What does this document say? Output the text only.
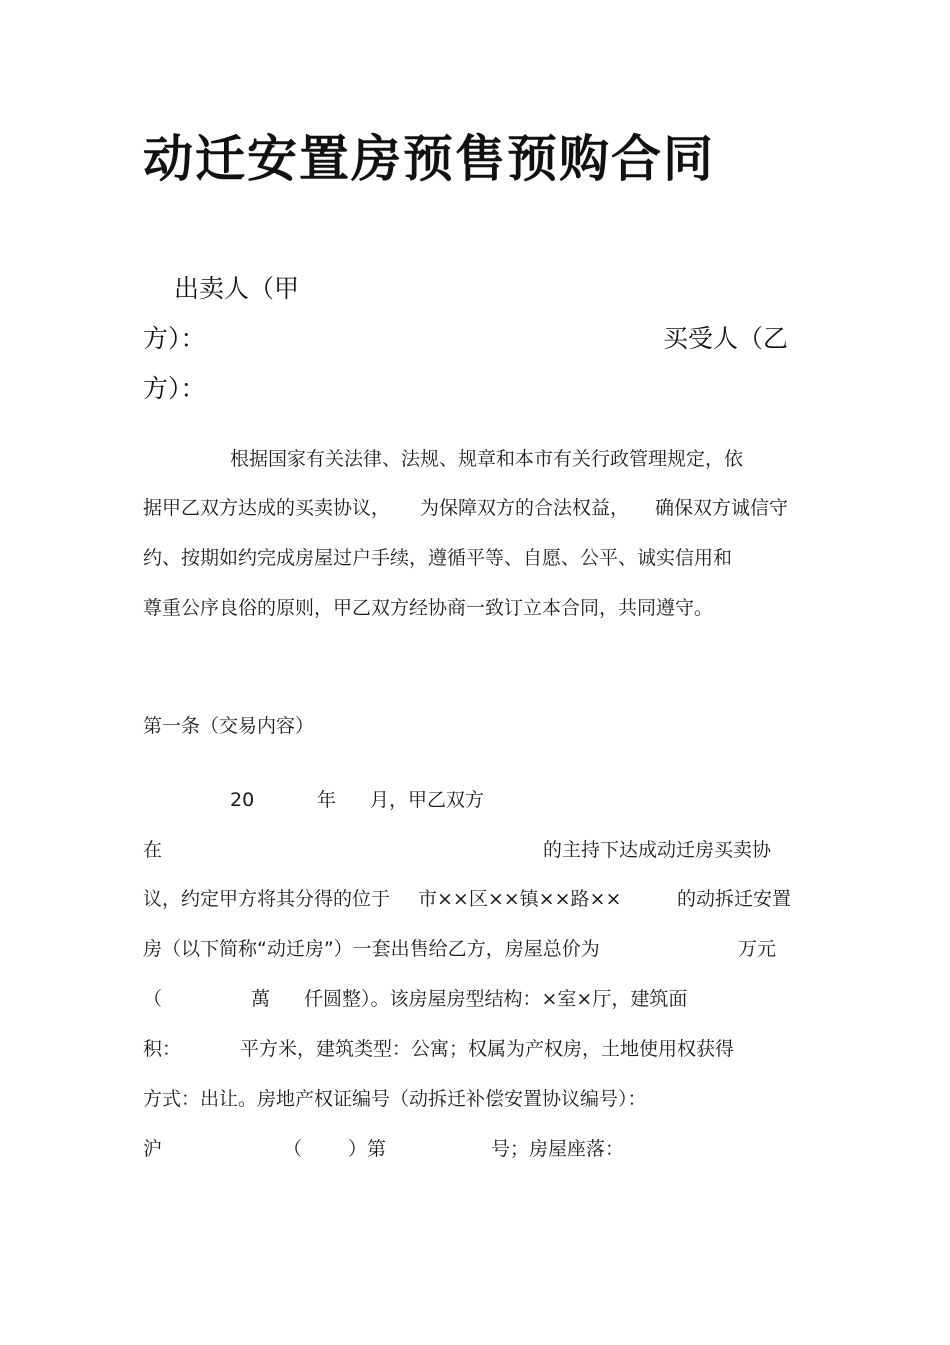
动迁安置房预售预购合同
出卖人（甲
方）：	买受人（乙
方）：
根据国家有关法律、法规、规章和本市有关行政管理规定，依
据甲乙双方达成的买卖协议， 为保障双方的合法权益， 确保双方诚信守
约、按期如约完成房屋过户手续，遵循平等、自愿、公平、诚实信用和
尊重公序良俗的原则，甲乙双方经协商一致订立本合同，共同遵守。
第一条（交易内容）
20	年 月，甲乙双方
在	的主持下达成动迁房买卖协
议，约定甲方将其分得的位于 市××区××镇××路××	的动拆迁安置
房（以下简称“动迁房”）一套出售给乙方，房屋总价为	万元
（	萬 仟圆整）。该房屋房型结构：×室×厅，建筑面
积：	平方米，建筑类型：公寓；权属为产权房，土地使用权获得
方式：出让。房地产权证编号（动拆迁补偿安置协议编号）：
沪	（ ）第	号；房屋座落：
